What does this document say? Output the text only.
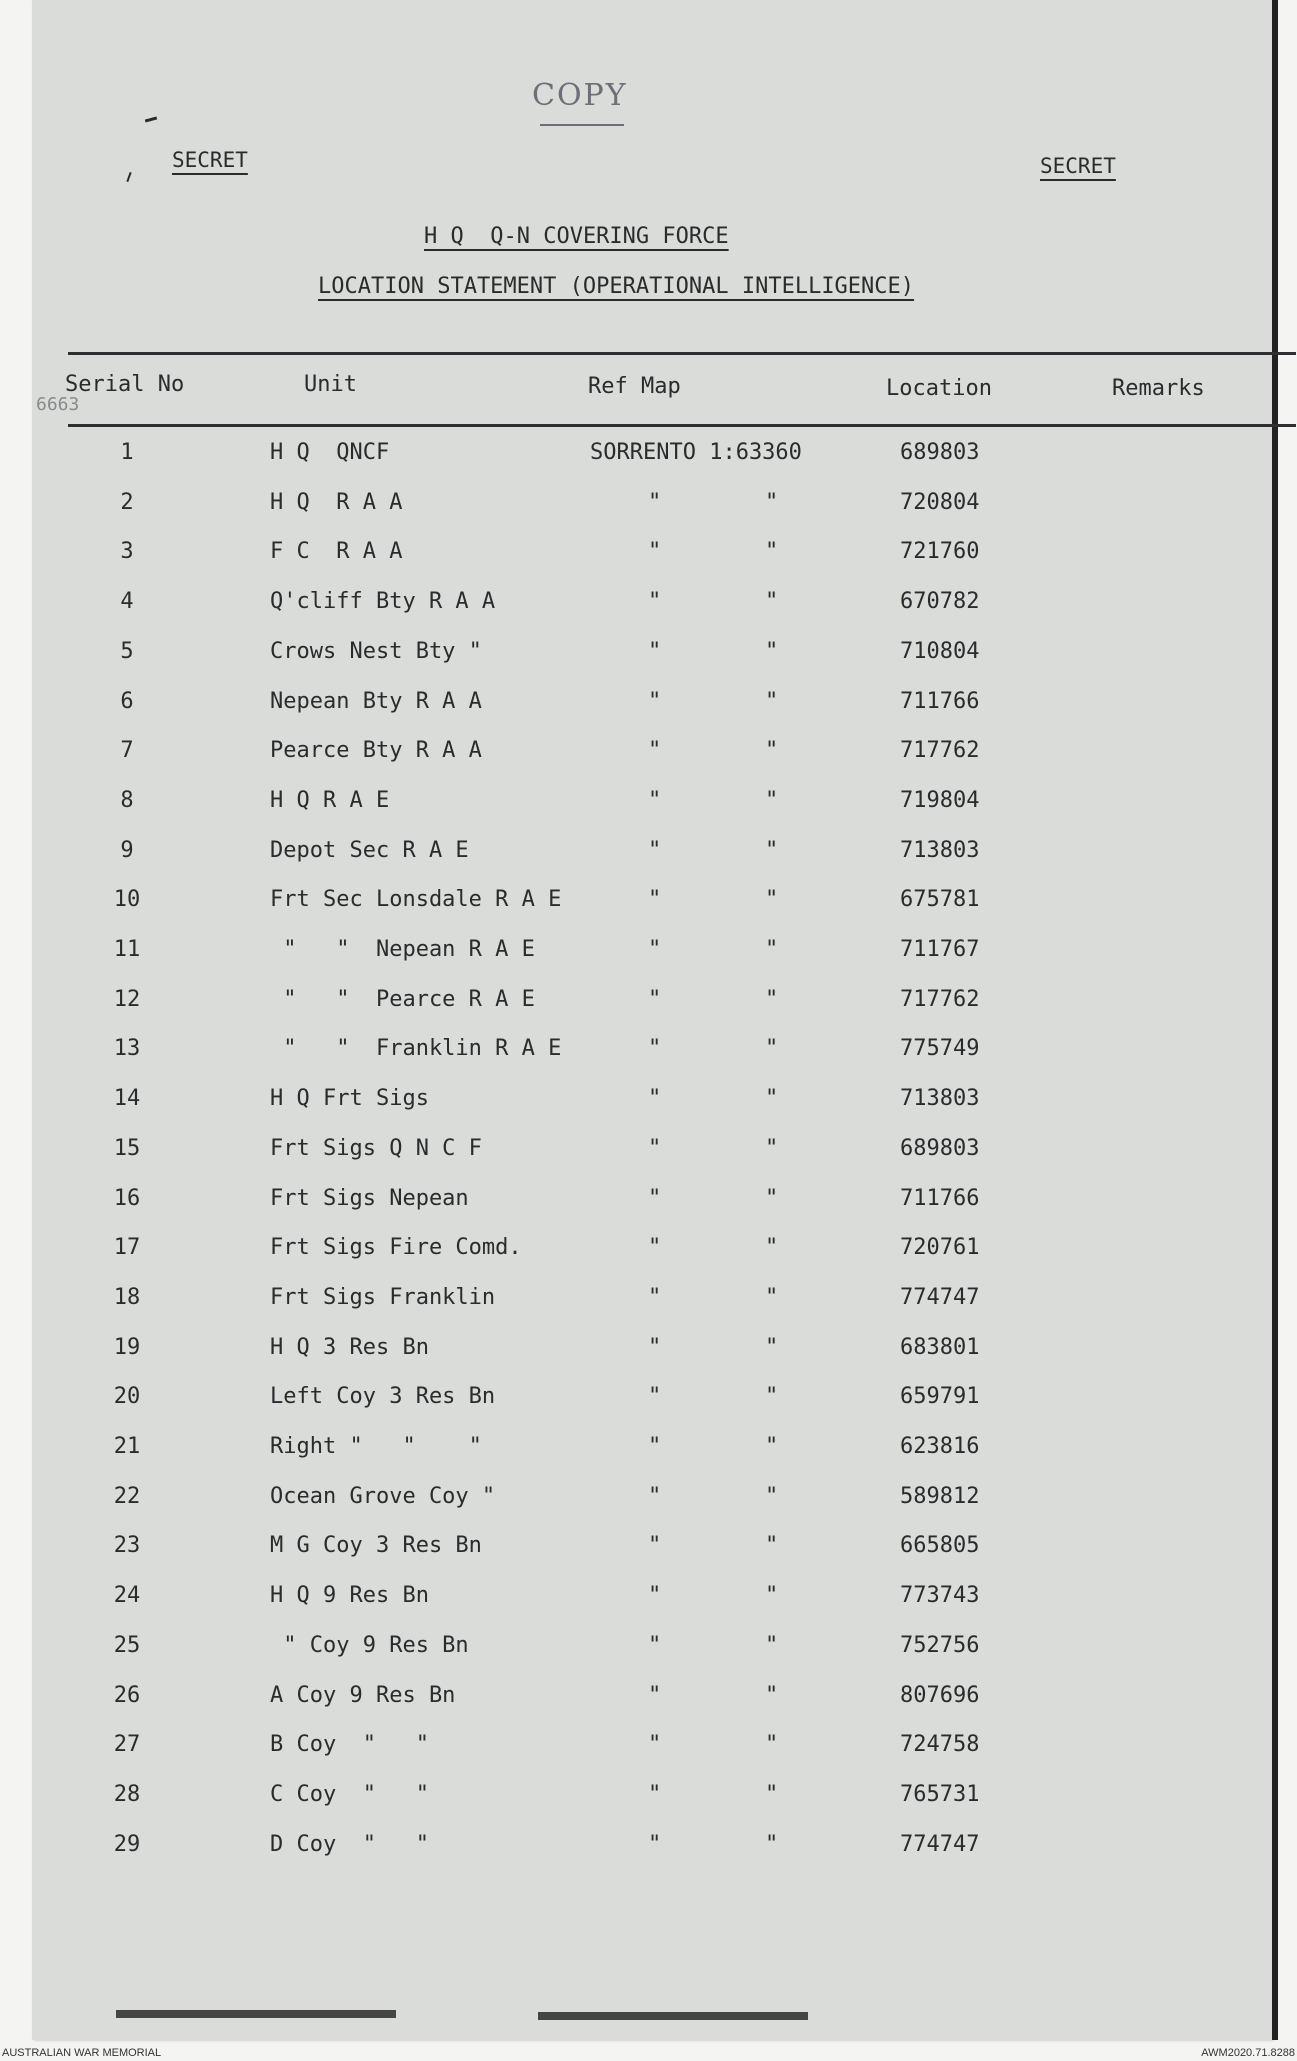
COPY
SECRET	SECRET
H Q  Q-N COVERING FORCE
LOCATION STATEMENT (OPERATIONAL INTELLIGENCE)
Serial No	Unit	Ref Map	Location	Remarks
6663
1	H Q  QNCF	SORRENTO 1:63360	689803
2	H Q  R A A	"	"	720804
3	F C  R A A	"	"	721760
4	Q'cliff Bty R A A	"	"	670782
5	Crows Nest Bty "	"	"	710804
6	Nepean Bty R A A	"	"	711766
7	Pearce Bty R A A	"	"	717762
8	H Q R A E	"	"	719804
9	Depot Sec R A E	"	"	713803
10	Frt Sec Lonsdale R A E	"	"	675781
11	"   "  Nepean R A E	"	"	711767
12	"   "  Pearce R A E	"	"	717762
13	"   "  Franklin R A E	"	"	775749
14	H Q Frt Sigs	"	"	713803
15	Frt Sigs Q N C F	"	"	689803
16	Frt Sigs Nepean	"	"	711766
17	Frt Sigs Fire Comd.	"	"	720761
18	Frt Sigs Franklin	"	"	774747
19	H Q 3 Res Bn	"	"	683801
20	Left Coy 3 Res Bn	"	"	659791
21	Right "   "    "	"	"	623816
22	Ocean Grove Coy "	"	"	589812
23	M G Coy 3 Res Bn	"	"	665805
24	H Q 9 Res Bn	"	"	773743
25	" Coy 9 Res Bn	"	"	752756
26	A Coy 9 Res Bn	"	"	807696
27	B Coy  "   "	"	"	724758
28	C Coy  "   "	"	"	765731
29	D Coy  "   "	"	"	774747
AUSTRALIAN WAR MEMORIAL	AWM2020.71.8288
